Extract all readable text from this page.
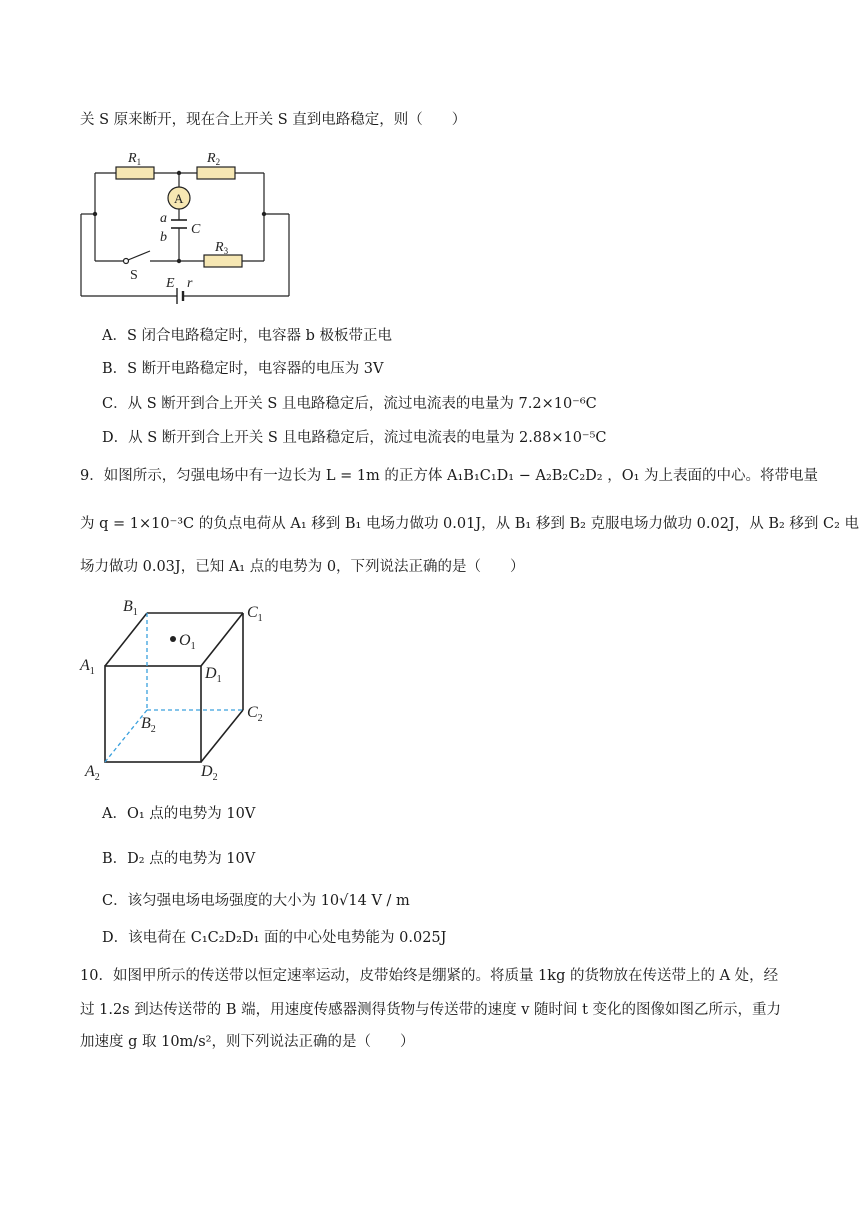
关 S 原来断开，现在合上开关 S 直到电路稳定，则（　　）
$R_1$	$R_2$
$R_3$
A
a
b
C
S
E r
A．S 闭合电路稳定时，电容器 b 极板带正电
B．S 断开电路稳定时，电容器的电压为 3V
C．从 S 断开到合上开关 S 且电路稳定后，流过电流表的电量为 7.2×10⁻⁶C
D．从 S 断开到合上开关 S 且电路稳定后，流过电流表的电量为 2.88×10⁻⁵C
9．如图所示，匀强电场中有一边长为 L = 1m 的正方体 A₁B₁C₁D₁ − A₂B₂C₂D₂ ，O₁ 为上表面的中心。将带电量
为 q = 1×10⁻³C 的负点电荷从 A₁ 移到 B₁ 电场力做功 0.01J，从 B₁ 移到 B₂ 克服电场力做功 0.02J，从 B₂ 移到 C₂ 电
场力做功 0.03J，已知 A₁ 点的电势为 0，下列说法正确的是（　　）
$B_1$	$C_1$
$O_1$
$A_1$	$D_1$
$C_2$
$B_2$
$A_2$	$D_2$
A．O₁ 点的电势为 10V
B．D₂ 点的电势为 10V
C．该匀强电场电场强度的大小为 10√14 V / m
D．该电荷在 C₁C₂D₂D₁ 面的中心处电势能为 0.025J
10．如图甲所示的传送带以恒定速率运动，皮带始终是绷紧的。将质量 1kg 的货物放在传送带上的 A 处，经
过 1.2s 到达传送带的 B 端，用速度传感器测得货物与传送带的速度 v 随时间 t 变化的图像如图乙所示，重力
加速度 g 取 10m/s²，则下列说法正确的是（　　）
